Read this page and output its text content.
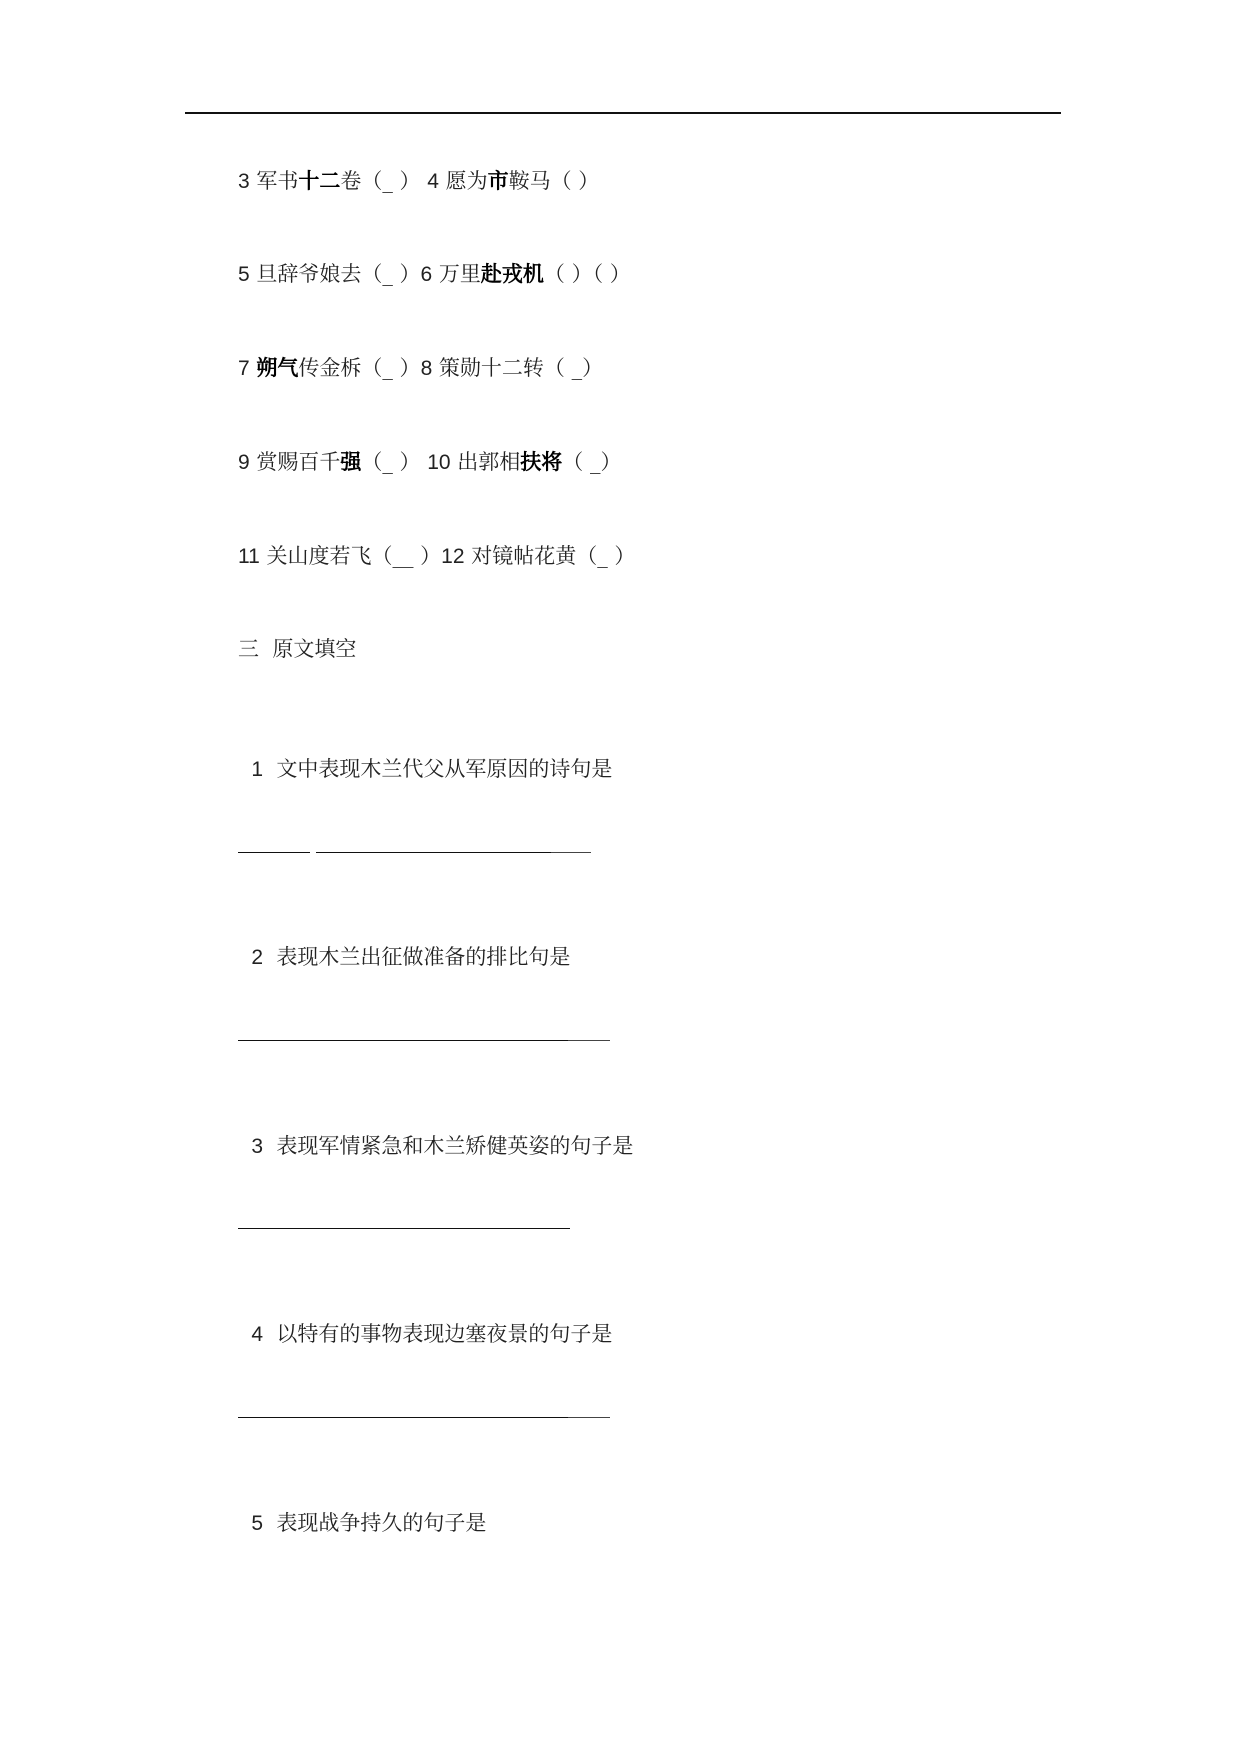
3 军书十二卷（_ ） 4 愿为市鞍马（ ）
5 旦辞爷娘去（_ ）6 万里赴戎机（ ）（ ）
7 朔气传金柝（_ ）8 策勋十二转（ _）
9 赏赐百千强（_ ） 10 出郭相扶将（ _）
11 关山度若飞（__ ）12 对镜帖花黄（_ ）
三  原文填空

1 文中表现木兰代父从军原因的诗句是

2 表现木兰出征做准备的排比句是

3 表现军情紧急和木兰矫健英姿的句子是

4 以特有的事物表现边塞夜景的句子是

5 表现战争持久的句子是
